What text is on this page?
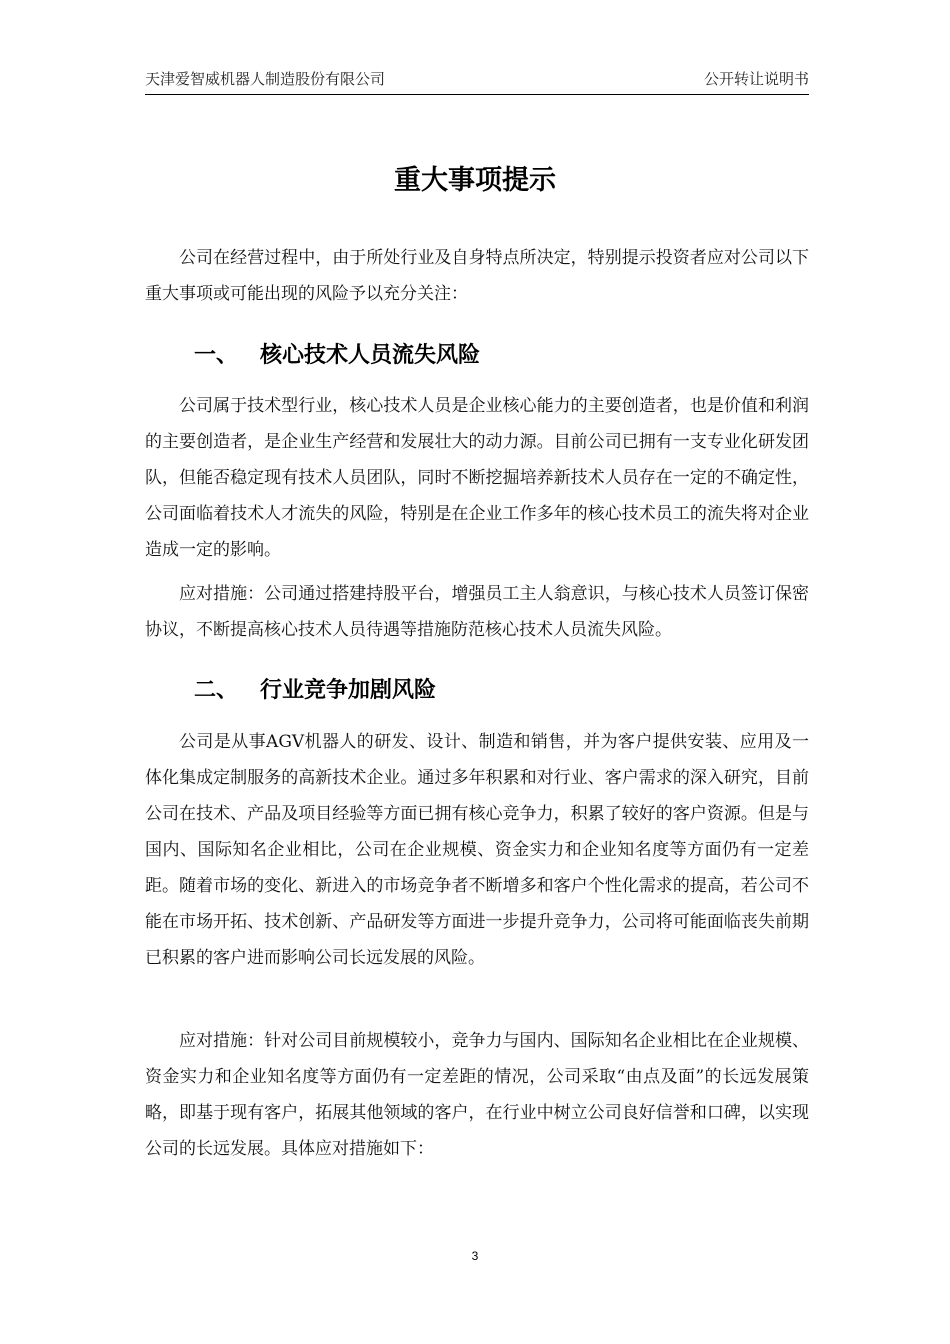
天津爱智威机器人制造股份有限公司	公开转让说明书
重大事项提示

公司在经营过程中，由于所处行业及自身特点所决定，特别提示投资者应对公司以下重大事项或可能出现的风险予以充分关注：

一、 核心技术人员流失风险

公司属于技术型行业，核心技术人员是企业核心能力的主要创造者，也是价值和利润的主要创造者，是企业生产经营和发展壮大的动力源。目前公司已拥有一支专业化研发团队，但能否稳定现有技术人员团队，同时不断挖掘培养新技术人员存在一定的不确定性，公司面临着技术人才流失的风险，特别是在企业工作多年的核心技术员工的流失将对企业造成一定的影响。

应对措施：公司通过搭建持股平台，增强员工主人翁意识，与核心技术人员签订保密协议，不断提高核心技术人员待遇等措施防范核心技术人员流失风险。

二、 行业竞争加剧风险

公司是从事AGV机器人的研发、设计、制造和销售，并为客户提供安装、应用及一体化集成定制服务的高新技术企业。通过多年积累和对行业、客户需求的深入研究，目前公司在技术、产品及项目经验等方面已拥有核心竞争力，积累了较好的客户资源。但是与国内、国际知名企业相比，公司在企业规模、资金实力和企业知名度等方面仍有一定差距。随着市场的变化、新进入的市场竞争者不断增多和客户个性化需求的提高，若公司不能在市场开拓、技术创新、产品研发等方面进一步提升竞争力，公司将可能面临丧失前期已积累的客户进而影响公司长远发展的风险。

应对措施：针对公司目前规模较小，竞争力与国内、国际知名企业相比在企业规模、资金实力和企业知名度等方面仍有一定差距的情况，公司采取“由点及面”的长远发展策略，即基于现有客户，拓展其他领域的客户，在行业中树立公司良好信誉和口碑，以实现公司的长远发展。具体应对措施如下：

3
